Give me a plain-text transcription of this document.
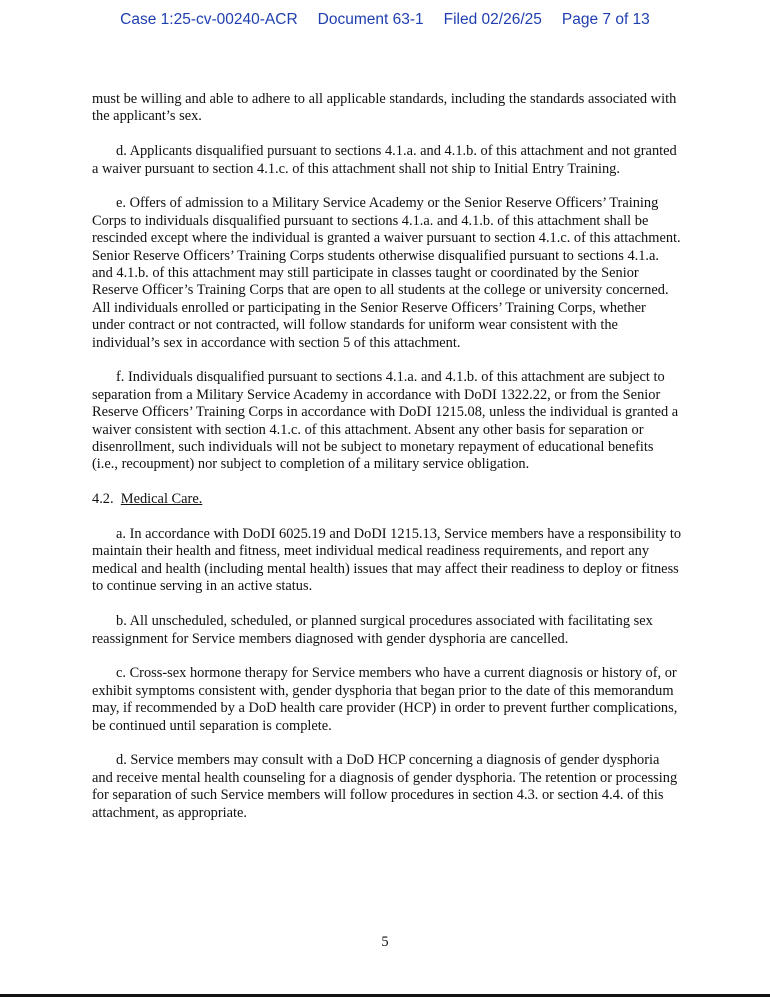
Case 1:25-cv-00240-ACR Document 63-1 Filed 02/26/25 Page 7 of 13

must be willing and able to adhere to all applicable standards, including the standards associated with the applicant’s sex.

d. Applicants disqualified pursuant to sections 4.1.a. and 4.1.b. of this attachment and not granted a waiver pursuant to section 4.1.c. of this attachment shall not ship to Initial Entry Training.

e. Offers of admission to a Military Service Academy or the Senior Reserve Officers’ Training Corps to individuals disqualified pursuant to sections 4.1.a. and 4.1.b. of this attachment shall be rescinded except where the individual is granted a waiver pursuant to section 4.1.c. of this attachment. Senior Reserve Officers’ Training Corps students otherwise disqualified pursuant to sections 4.1.a. and 4.1.b. of this attachment may still participate in classes taught or coordinated by the Senior Reserve Officer’s Training Corps that are open to all students at the college or university concerned. All individuals enrolled or participating in the Senior Reserve Officers’ Training Corps, whether under contract or not contracted, will follow standards for uniform wear consistent with the individual’s sex in accordance with section 5 of this attachment.

f. Individuals disqualified pursuant to sections 4.1.a. and 4.1.b. of this attachment are subject to separation from a Military Service Academy in accordance with DoDI 1322.22, or from the Senior Reserve Officers’ Training Corps in accordance with DoDI 1215.08, unless the individual is granted a waiver consistent with section 4.1.c. of this attachment. Absent any other basis for separation or disenrollment, such individuals will not be subject to monetary repayment of educational benefits (i.e., recoupment) nor subject to completion of a military service obligation.

4.2. Medical Care.

a. In accordance with DoDI 6025.19 and DoDI 1215.13, Service members have a responsibility to maintain their health and fitness, meet individual medical readiness requirements, and report any medical and health (including mental health) issues that may affect their readiness to deploy or fitness to continue serving in an active status.

b. All unscheduled, scheduled, or planned surgical procedures associated with facilitating sex reassignment for Service members diagnosed with gender dysphoria are cancelled.

c. Cross-sex hormone therapy for Service members who have a current diagnosis or history of, or exhibit symptoms consistent with, gender dysphoria that began prior to the date of this memorandum may, if recommended by a DoD health care provider (HCP) in order to prevent further complications, be continued until separation is complete.

d. Service members may consult with a DoD HCP concerning a diagnosis of gender dysphoria and receive mental health counseling for a diagnosis of gender dysphoria. The retention or processing for separation of such Service members will follow procedures in section 4.3. or section 4.4. of this attachment, as appropriate.

5
